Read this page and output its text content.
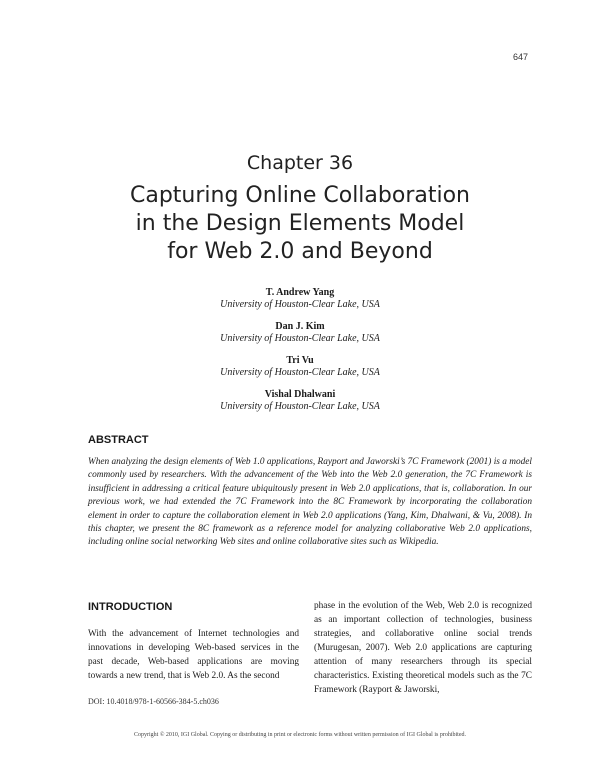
647
Chapter 36
Capturing Online Collaboration
in the Design Elements Model
for Web 2.0 and Beyond
T. Andrew Yang
University of Houston-Clear Lake, USA
Dan J. Kim
University of Houston-Clear Lake, USA
Tri Vu
University of Houston-Clear Lake, USA
Vishal Dhalwani
University of Houston-Clear Lake, USA
ABSTRACT
When analyzing the design elements of Web 1.0 applications, Rayport and Jaworski’s 7C Framework (2001) is a model commonly used by researchers. With the advancement of the Web into the Web 2.0 generation, the 7C Framework is insufficient in addressing a critical feature ubiquitously present in Web 2.0 applications, that is, collaboration. In our previous work, we had extended the 7C Framework into the 8C Framework by incorporating the collaboration element in order to capture the collaboration element in Web 2.0 applications (Yang, Kim, Dhalwani, & Vu, 2008). In this chapter, we present the 8C framework as a reference model for analyzing collaborative Web 2.0 applications, including online social networking Web sites and online collaborative sites such as Wikipedia.
INTRODUCTION
With the advancement of Internet technologies and innovations in developing Web-based services in the past decade, Web-based applications are moving towards a new trend, that is Web 2.0. As the second
phase in the evolution of the Web, Web 2.0 is recognized as an important collection of technologies, business strategies, and collaborative online social trends (Murugesan, 2007). Web 2.0 applications are capturing attention of many researchers through its special characteristics. Existing theoretical models such as the 7C Framework (Rayport & Jaworski,
DOI: 10.4018/978-1-60566-384-5.ch036
Copyright © 2010, IGI Global. Copying or distributing in print or electronic forms without written permission of IGI Global is prohibited.
